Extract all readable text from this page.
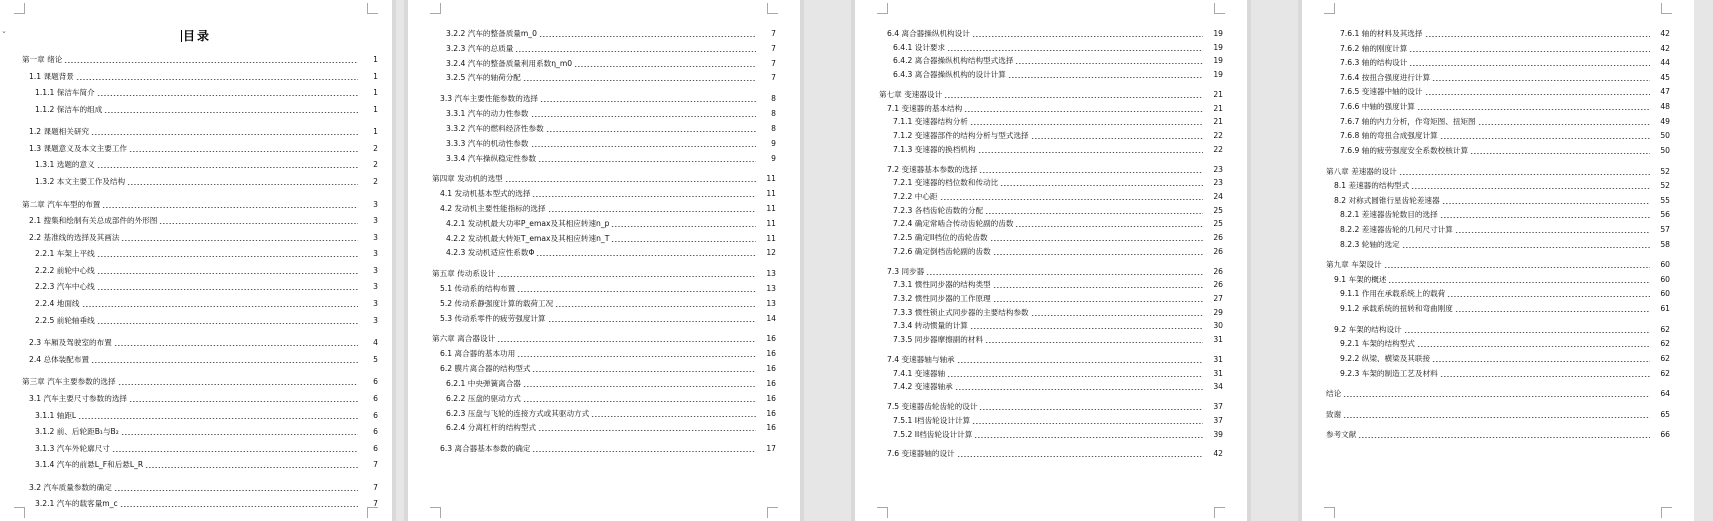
⌄	目录
第一章 绪论	1
1.1 课题背景	1
1.1.1 保洁车简介	1
1.1.2 保洁车的组成	1
1.2 课题相关研究	1
1.3 课题意义及本文主要工作	2
1.3.1 选题的意义	2
1.3.2 本文主要工作及结构	2
第二章 汽车车型的布置	3
2.1 搜集和绘制有关总成部件的外形图	3
2.2 基准线的选择及其画法	3
2.2.1 车架上平线	3
2.2.2 前轮中心线	3
2.2.3 汽车中心线	3
2.2.4 地面线	3
2.2.5 前轮轴垂线	3
2.3 车厢及驾驶室的布置	4
2.4 总体装配布置	5
第三章 汽车主要参数的选择	6
3.1 汽车主要尺寸参数的选择	6
3.1.1 轴距L	6
3.1.2 前、后轮距B₁与B₂	6
3.1.3 汽车外轮廓尺寸	6
3.1.4 汽车的前悬L_F和后悬L_R	7
3.2 汽车质量参数的确定	7
3.2.1 汽车的载客量m_c	7
3.2.2 汽车的整备质量m_0	7
3.2.3 汽车的总质量	7
3.2.4 汽车的整备质量利用系数η_m0	7
3.2.5 汽车的轴荷分配	7
3.3 汽车主要性能参数的选择	8
3.3.1 汽车的动力性参数	8
3.3.2 汽车的燃料经济性参数	8
3.3.3 汽车的机动性参数	9
3.3.4 汽车操纵稳定性参数	9
第四章 发动机的选型	11
4.1 发动机基本型式的选择	11
4.2 发动机主要性能指标的选择	11
4.2.1 发动机最大功率P_emax及其相应转速n_p	11
4.2.2 发动机最大转矩T_emax及其相应转速n_T	11
4.2.3 发动机适应性系数Φ	12
第五章 传动系设计	13
5.1 传动系的结构布置	13
5.2 传动系静强度计算的载荷工况	13
5.3 传动系零件的疲劳强度计算	14
第六章 离合器设计	16
6.1 离合器的基本功用	16
6.2 膜片离合器的结构型式	16
6.2.1 中央弹簧离合器	16
6.2.2 压盘的驱动方式	16
6.2.3 压盘与飞轮的连接方式或其驱动方式	16
6.2.4 分离杠杆的结构型式	16
6.3 离合器基本参数的确定	17
6.4 离合器操纵机构设计	19
6.4.1 设计要求	19
6.4.2 离合器操纵机构结构型式选择	19
6.4.3 离合器操纵机构的设计计算	19
第七章 变速器设计	21
7.1 变速器的基本结构	21
7.1.1 变速器结构分析	21
7.1.2 变速器部件的结构分析与型式选择	22
7.1.3 变速器的换档机构	22
7.2 变速器基本参数的选择	23
7.2.1 变速器的档位数和传动比	23
7.2.2 中心距	24
7.2.3 各档齿轮齿数的分配	25
7.2.4 确定常啮合传动齿轮副的齿数	25
7.2.5 确定II档位的齿轮齿数	26
7.2.6 确定倒档齿轮副的齿数	26
7.3 同步器	26
7.3.1 惯性同步器的结构类型	26
7.3.2 惯性同步器的工作原理	27
7.3.3 惯性锁止式同步器的主要结构参数	29
7.3.4 转动惯量的计算	30
7.3.5 同步器摩擦副的材料	31
7.4 变速器轴与轴承	31
7.4.1 变速器轴	31
7.4.2 变速器轴承	34
7.5 变速器齿轮齿轮的设计	37
7.5.1 I档齿轮设计计算	37
7.5.2 II档齿轮设计计算	39
7.6 变速器轴的设计	42
7.6.1 轴的材料及其选择	42
7.6.2 轴的刚度计算	42
7.6.3 轴的结构设计	44
7.6.4 按扭合强度进行计算	45
7.6.5 变速器中轴的设计	47
7.6.6 中轴的强度计算	48
7.6.7 轴的内力分析，作弯矩图、扭矩图	49
7.6.8 轴的弯扭合成强度计算	50
7.6.9 轴的疲劳强度安全系数校核计算	50
第八章 差速器的设计	52
8.1 差速器的结构型式	52
8.2 对称式圆锥行星齿轮差速器	55
8.2.1 差速器齿轮数目的选择	56
8.2.2 差速器齿轮的几何尺寸计算	57
8.2.3 轮轴的选定	58
第九章 车架设计	60
9.1 车架的概述	60
9.1.1 作用在承载系统上的载荷	60
9.1.2 承载系统的扭转和弯曲刚度	61
9.2 车架的结构设计	62
9.2.1 车架的结构型式	62
9.2.2 纵梁、横梁及其联接	62
9.2.3 车架的制造工艺及材料	62
结论	64
致谢	65
参考文献	66
